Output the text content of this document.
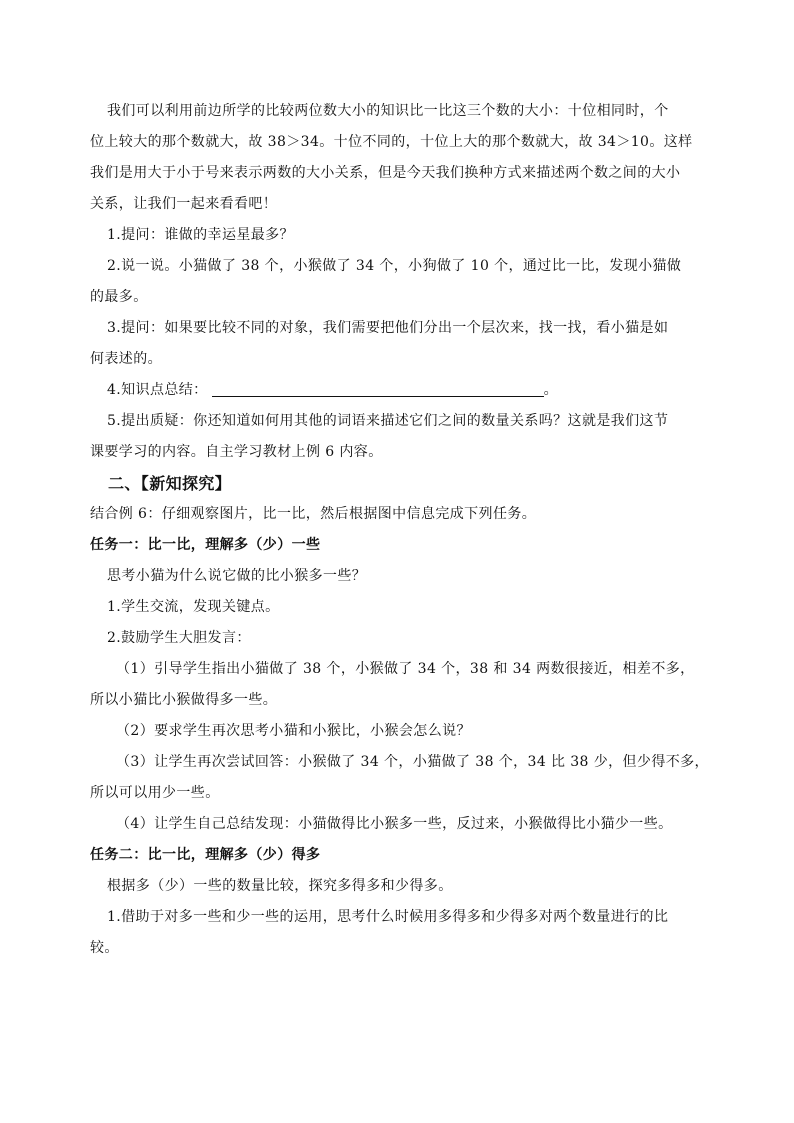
我们可以利用前边所学的比较两位数大小的知识比一比这三个数的大小：十位相同时，个
位上较大的那个数就大，故 38＞34。十位不同的，十位上大的那个数就大，故 34＞10。这样
我们是用大于小于号来表示两数的大小关系，但是今天我们换种方式来描述两个数之间的大小
关系，让我们一起来看看吧！
1.提问：谁做的幸运星最多？
2.说一说。小猫做了 38 个，小猴做了 34 个，小狗做了 10 个，通过比一比，发现小猫做
的最多。
3.提问：如果要比较不同的对象，我们需要把他们分出一个层次来，找一找，看小猫是如
何表述的。
4.知识点总结：	。
5.提出质疑：你还知道如何用其他的词语来描述它们之间的数量关系吗？这就是我们这节
课要学习的内容。自主学习教材上例 6 内容。
二、【新知探究】
结合例 6：仔细观察图片，比一比，然后根据图中信息完成下列任务。
任务一：比一比，理解多（少）一些
思考小猫为什么说它做的比小猴多一些？
1.学生交流，发现关键点。
2.鼓励学生大胆发言：
（1）引导学生指出小猫做了 38 个，小猴做了 34 个，38 和 34 两数很接近，相差不多，
所以小猫比小猴做得多一些。
（2）要求学生再次思考小猫和小猴比，小猴会怎么说？
（3）让学生再次尝试回答：小猴做了 34 个，小猫做了 38 个，34 比 38 少，但少得不多，
所以可以用少一些。
（4）让学生自己总结发现：小猫做得比小猴多一些，反过来，小猴做得比小猫少一些。
任务二：比一比，理解多（少）得多
根据多（少）一些的数量比较，探究多得多和少得多。
1.借助于对多一些和少一些的运用，思考什么时候用多得多和少得多对两个数量进行的比
较。
